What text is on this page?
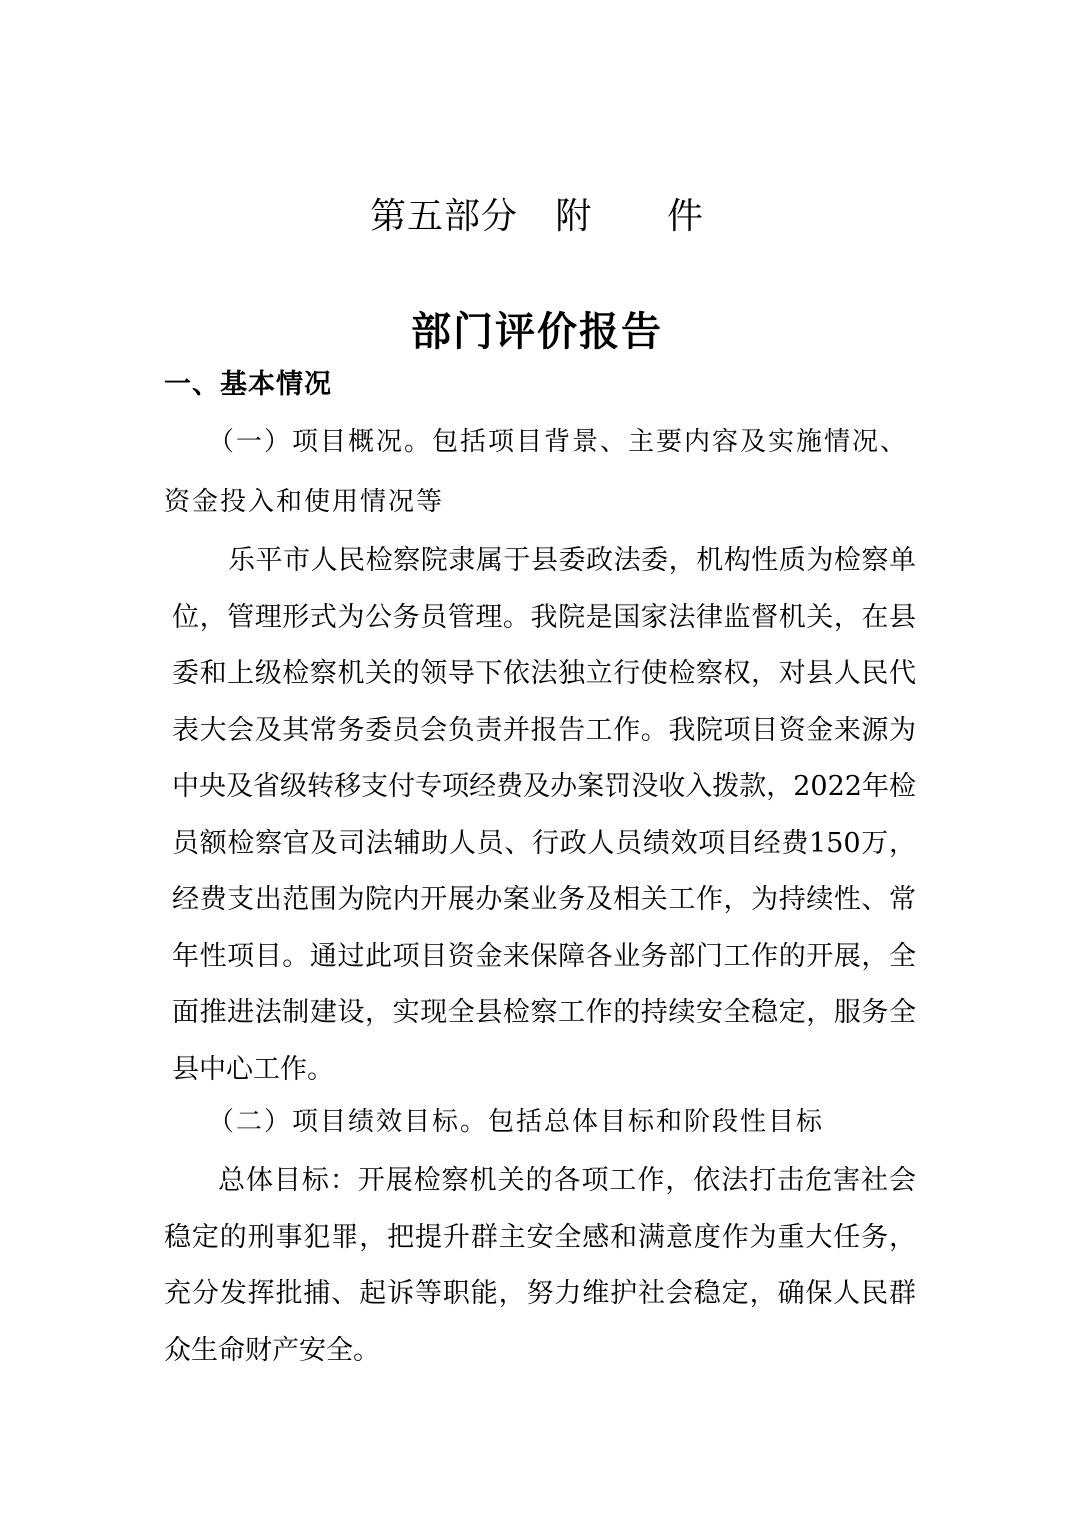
第五部分   附      件
部门评价报告
一、基本情况
（一）项目概况。包括项目背景、主要内容及实施情况、资金投入和使用情况等
乐平市人民检察院隶属于县委政法委，机构性质为检察单位，管理形式为公务员管理。我院是国家法律监督机关，在县委和上级检察机关的领导下依法独立行使检察权，对县人民代表大会及其常务委员会负责并报告工作。我院项目资金来源为中央及省级转移支付专项经费及办案罚没收入拨款，2022年检员额检察官及司法辅助人员、行政人员绩效项目经费150万，经费支出范围为院内开展办案业务及相关工作，为持续性、常年性项目。通过此项目资金来保障各业务部门工作的开展，全面推进法制建设，实现全县检察工作的持续安全稳定，服务全县中心工作。
（二）项目绩效目标。包括总体目标和阶段性目标
总体目标：开展检察机关的各项工作，依法打击危害社会稳定的刑事犯罪，把提升群主安全感和满意度作为重大任务，充分发挥批捕、起诉等职能，努力维护社会稳定，确保人民群众生命财产安全。
